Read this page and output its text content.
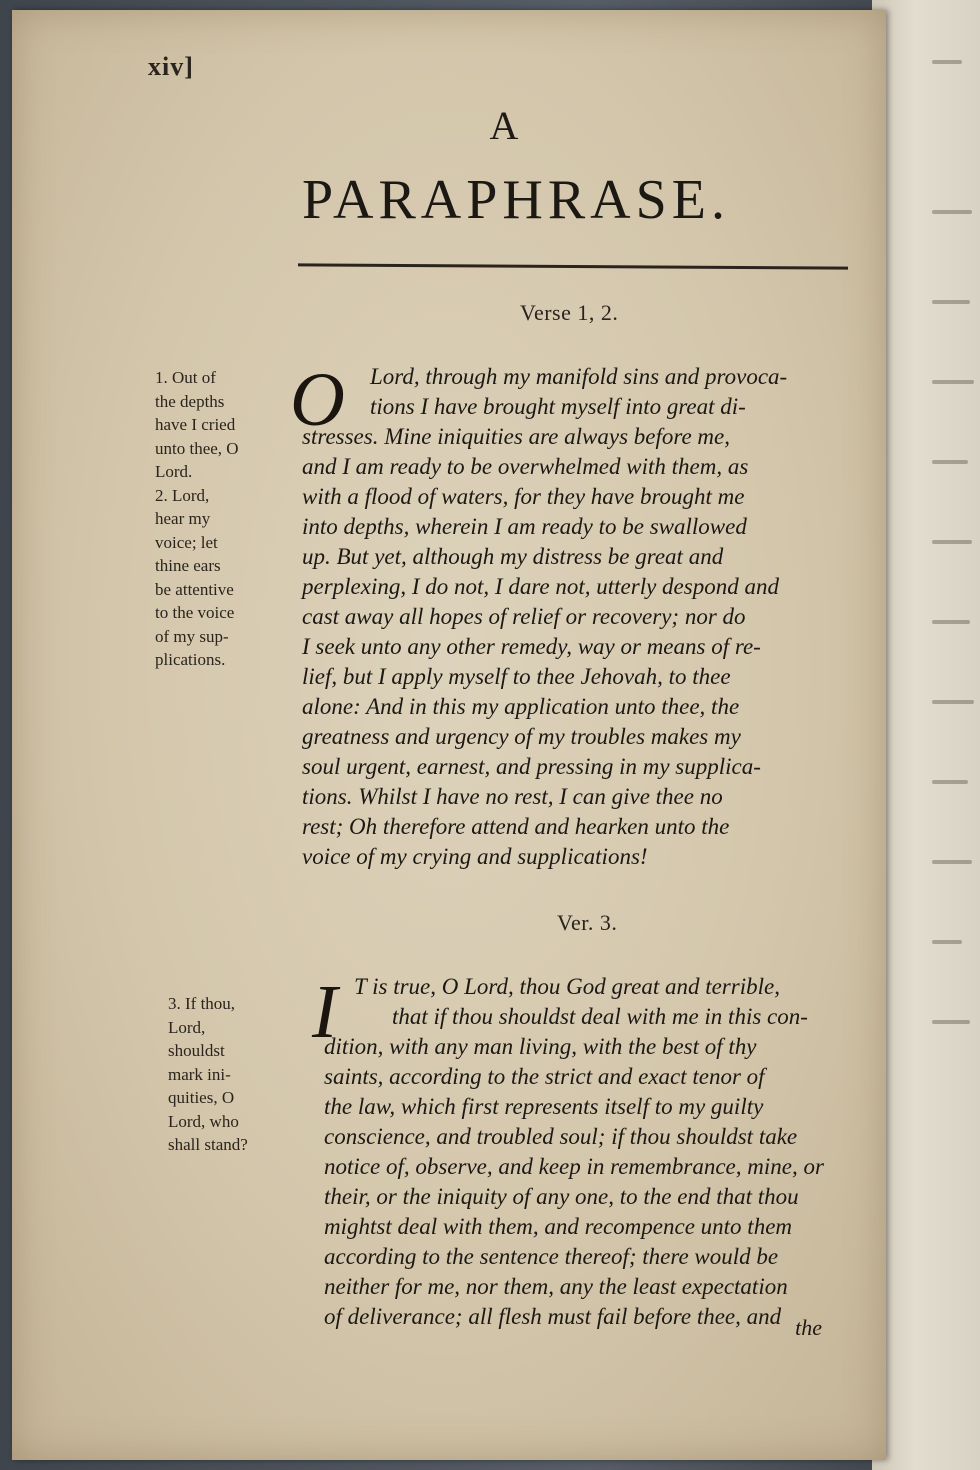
xiv]
A
PARAPHRASE.
Verse 1, 2.
1. Out of
the depths
have I cried
unto thee, O
Lord.
2. Lord,
hear my
voice; let
thine ears
be attentive
to the voice
of my sup-
plications.
O	Lord, through my manifold sins and provoca-
tions I have brought myself into great di-
stresses. Mine iniquities are always before me,
and I am ready to be overwhelmed with them, as
with a flood of waters, for they have brought me
into depths, wherein I am ready to be swallowed
up. But yet, although my distress be great and
perplexing, I do not, I dare not, utterly despond and
cast away all hopes of relief or recovery; nor do
I seek unto any other remedy, way or means of re-
lief, but I apply myself to thee Jehovah, to thee
alone: And in this my application unto thee, the
greatness and urgency of my troubles makes my
soul urgent, earnest, and pressing in my supplica-
tions. Whilst I have no rest, I can give thee no
rest; Oh therefore attend and hearken unto the
voice of my crying and supplications!
Ver. 3.
3. If thou,
Lord,
shouldst
mark ini-
quities, O
Lord, who
shall stand?
I T is true, O Lord, thou God great and terrible,
that if thou shouldst deal with me in this con-
dition, with any man living, with the best of thy
saints, according to the strict and exact tenor of
the law, which first represents itself to my guilty
conscience, and troubled soul; if thou shouldst take
notice of, observe, and keep in remembrance, mine, or
their, or the iniquity of any one, to the end that thou
mightst deal with them, and recompence unto them
according to the sentence thereof; there would be
neither for me, nor them, any the least expectation
of deliverance; all flesh must fail before thee, and the
